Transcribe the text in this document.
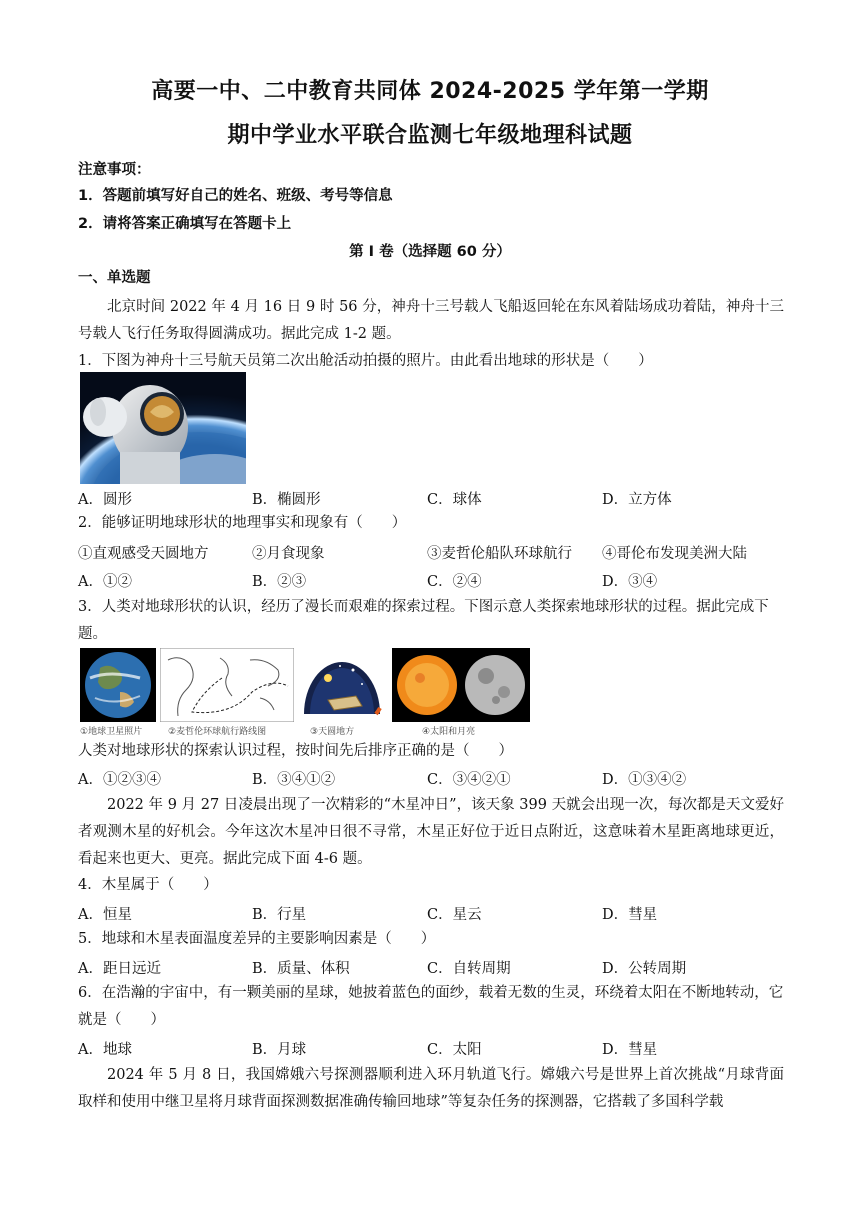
高要一中、二中教育共同体 2024-2025 学年第一学期
期中学业水平联合监测七年级地理科试题
注意事项：
1．答题前填写好自己的姓名、班级、考号等信息
2．请将答案正确填写在答题卡上
第 I 卷（选择题 60 分）
一、单选题
北京时间 2022 年 4 月 16 日 9 时 56 分，神舟十三号载人飞船返回轮在东风着陆场成功着陆，神舟十三号载人飞行任务取得圆满成功。据此完成 1-2 题。
1．下图为神舟十三号航天员第二次出舱活动拍摄的照片。由此看出地球的形状是（　　）
A．圆形	B．椭圆形	C．球体	D．立方体
2．能够证明地球形状的地理事实和现象有（　　）
①直观感受天圆地方	②月食现象	③麦哲伦船队环球航行 ④哥伦布发现美洲大陆
A．①②	B．②③	C．②④	D．③④
3．人类对地球形状的认识，经历了漫长而艰难的探索过程。下图示意人类探索地球形状的过程。据此完成下题。
①地球卫星照片	②麦哲伦环球航行路线图	③天圆地方	④太阳和月亮
人类对地球形状的探索认识过程，按时间先后排序正确的是（　　）
A．①②③④	B．③④①②	C．③④②①	D．①③④②
2022 年 9 月 27 日凌晨出现了一次精彩的“木星冲日”，该天象 399 天就会出现一次，每次都是天文爱好者观测木星的好机会。今年这次木星冲日很不寻常，木星正好位于近日点附近，这意味着木星距离地球更近，看起来也更大、更亮。据此完成下面 4-6 题。
4．木星属于（　　）
A．恒星	B．行星	C．星云	D．彗星
5．地球和木星表面温度差异的主要影响因素是（　　）
A．距日远近	B．质量、体积	C．自转周期	D．公转周期
6．在浩瀚的宇宙中，有一颗美丽的星球，她披着蓝色的面纱，载着无数的生灵，环绕着太阳在不断地转动，它就是（　　）
A．地球	B．月球	C．太阳	D．彗星
2024 年 5 月 8 日，我国嫦娥六号探测器顺利进入环月轨道飞行。嫦娥六号是世界上首次挑战“月球背面取样和使用中继卫星将月球背面探测数据准确传输回地球”等复杂任务的探测器，它搭载了多国科学载
